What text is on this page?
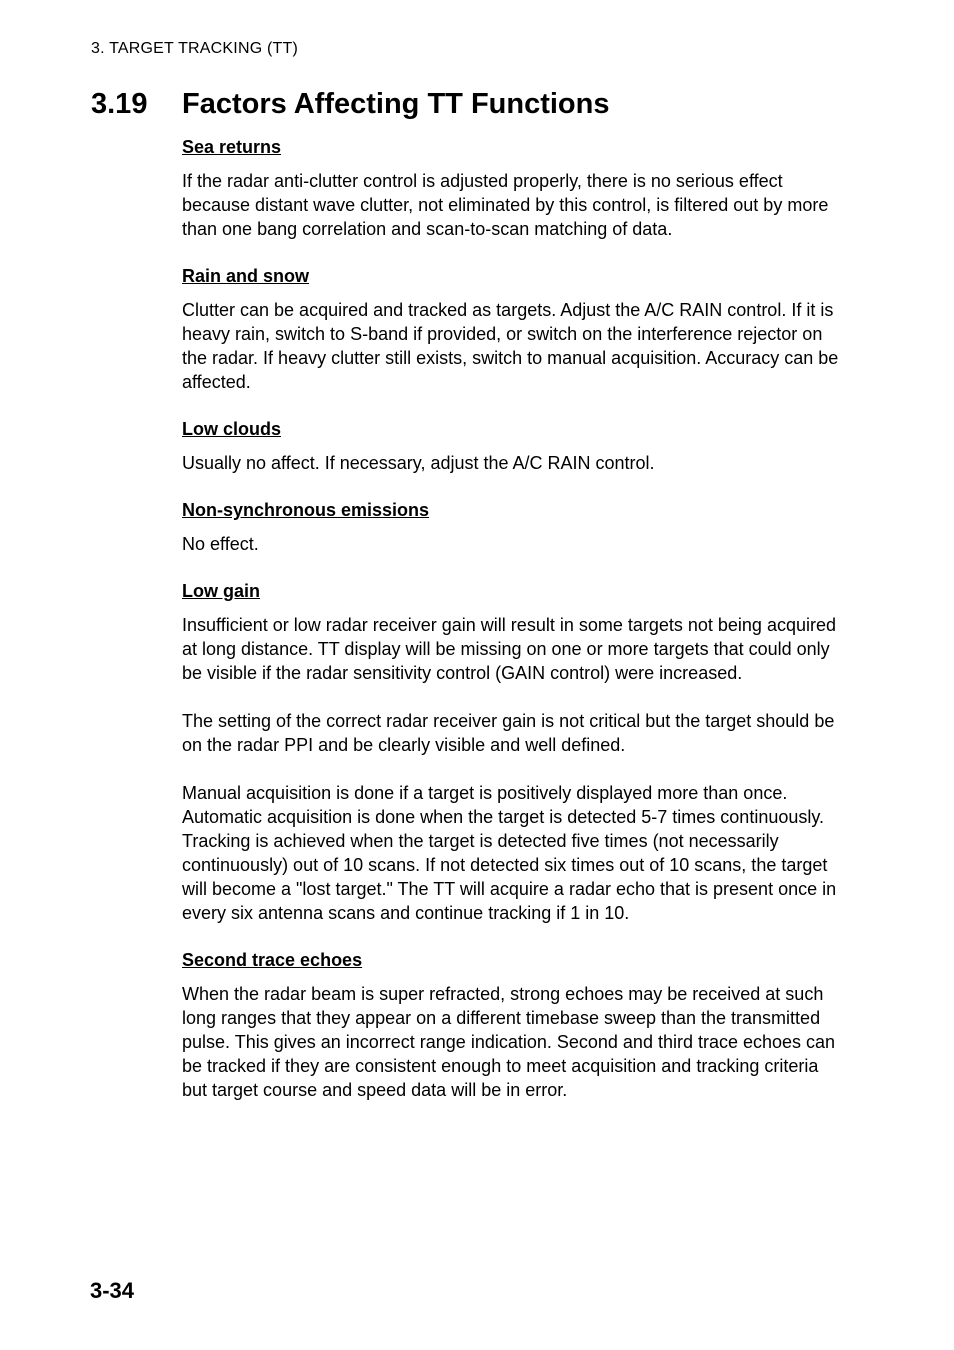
3. TARGET TRACKING (TT)
3.19 Factors Affecting TT Functions
Sea returns

If the radar anti-clutter control is adjusted properly, there is no serious effect because distant wave clutter, not eliminated by this control, is filtered out by more than one bang correlation and scan-to-scan matching of data.

Rain and snow

Clutter can be acquired and tracked as targets. Adjust the A/C RAIN control. If it is heavy rain, switch to S-band if provided, or switch on the interference rejector on the radar. If heavy clutter still exists, switch to manual acquisition. Accuracy can be affected.

Low clouds

Usually no affect. If necessary, adjust the A/C RAIN control.

Non-synchronous emissions

No effect.

Low gain

Insufficient or low radar receiver gain will result in some targets not being acquired at long distance. TT display will be missing on one or more targets that could only be visible if the radar sensitivity control (GAIN control) were increased.

The setting of the correct radar receiver gain is not critical but the target should be on the radar PPI and be clearly visible and well defined.

Manual acquisition is done if a target is positively displayed more than once. Automatic acquisition is done when the target is detected 5-7 times continuously. Tracking is achieved when the target is detected five times (not necessarily continuously) out of 10 scans. If not detected six times out of 10 scans, the target will become a "lost target." The TT will acquire a radar echo that is present once in every six antenna scans and continue tracking if 1 in 10.

Second trace echoes

When the radar beam is super refracted, strong echoes may be received at such long ranges that they appear on a different timebase sweep than the transmitted pulse. This gives an incorrect range indication. Second and third trace echoes can be tracked if they are consistent enough to meet acquisition and tracking criteria but target course and speed data will be in error.

3-34
